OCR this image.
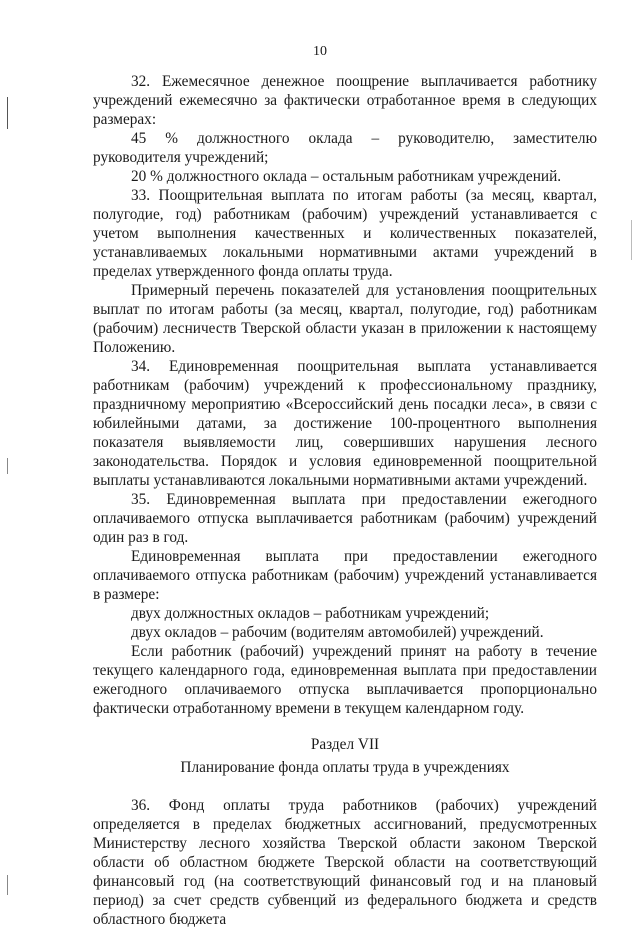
10

32. Ежемесячное денежное поощрение выплачивается работнику учреждений ежемесячно за фактически отработанное время в следующих размерах:

45 % должностного оклада – руководителю, заместителю руководителя учреждений;

20 % должностного оклада – остальным работникам учреждений.

33. Поощрительная выплата по итогам работы (за месяц, квартал, полугодие, год) работникам (рабочим) учреждений устанавливается с учетом выполнения качественных и количественных показателей, устанавливаемых локальными нормативными актами учреждений в пределах утвержденного фонда оплаты труда.

Примерный перечень показателей для установления поощрительных выплат по итогам работы (за месяц, квартал, полугодие, год) работникам (рабочим) лесничеств Тверской области указан в приложении к настоящему Положению.

34. Единовременная поощрительная выплата устанавливается работникам (рабочим) учреждений к профессиональному празднику, праздничному мероприятию «Всероссийский день посадки леса», в связи с юбилейными датами, за достижение 100-процентного выполнения показателя выявляемости лиц, совершивших нарушения лесного законодательства. Порядок и условия единовременной поощрительной выплаты устанавливаются локальными нормативными актами учреждений.

35. Единовременная выплата при предоставлении ежегодного оплачиваемого отпуска выплачивается работникам (рабочим) учреждений один раз в год.

Единовременная выплата при предоставлении ежегодного оплачиваемого отпуска работникам (рабочим) учреждений устанавливается в размере:

двух должностных окладов – работникам учреждений;

двух окладов – рабочим (водителям автомобилей) учреждений.

Если работник (рабочий) учреждений принят на работу в течение текущего календарного года, единовременная выплата при предоставлении ежегодного оплачиваемого отпуска выплачивается пропорционально фактически отработанному времени в текущем календарном году.

Раздел VII

Планирование фонда оплаты труда в учреждениях

36. Фонд оплаты труда работников (рабочих) учреждений определяется в пределах бюджетных ассигнований, предусмотренных Министерству лесного хозяйства Тверской области законом Тверской области об областном бюджете Тверской области на соответствующий финансовый год (на соответствующий финансовый год и на плановый период) за счет средств субвенций из федерального бюджета и средств областного бюджета
